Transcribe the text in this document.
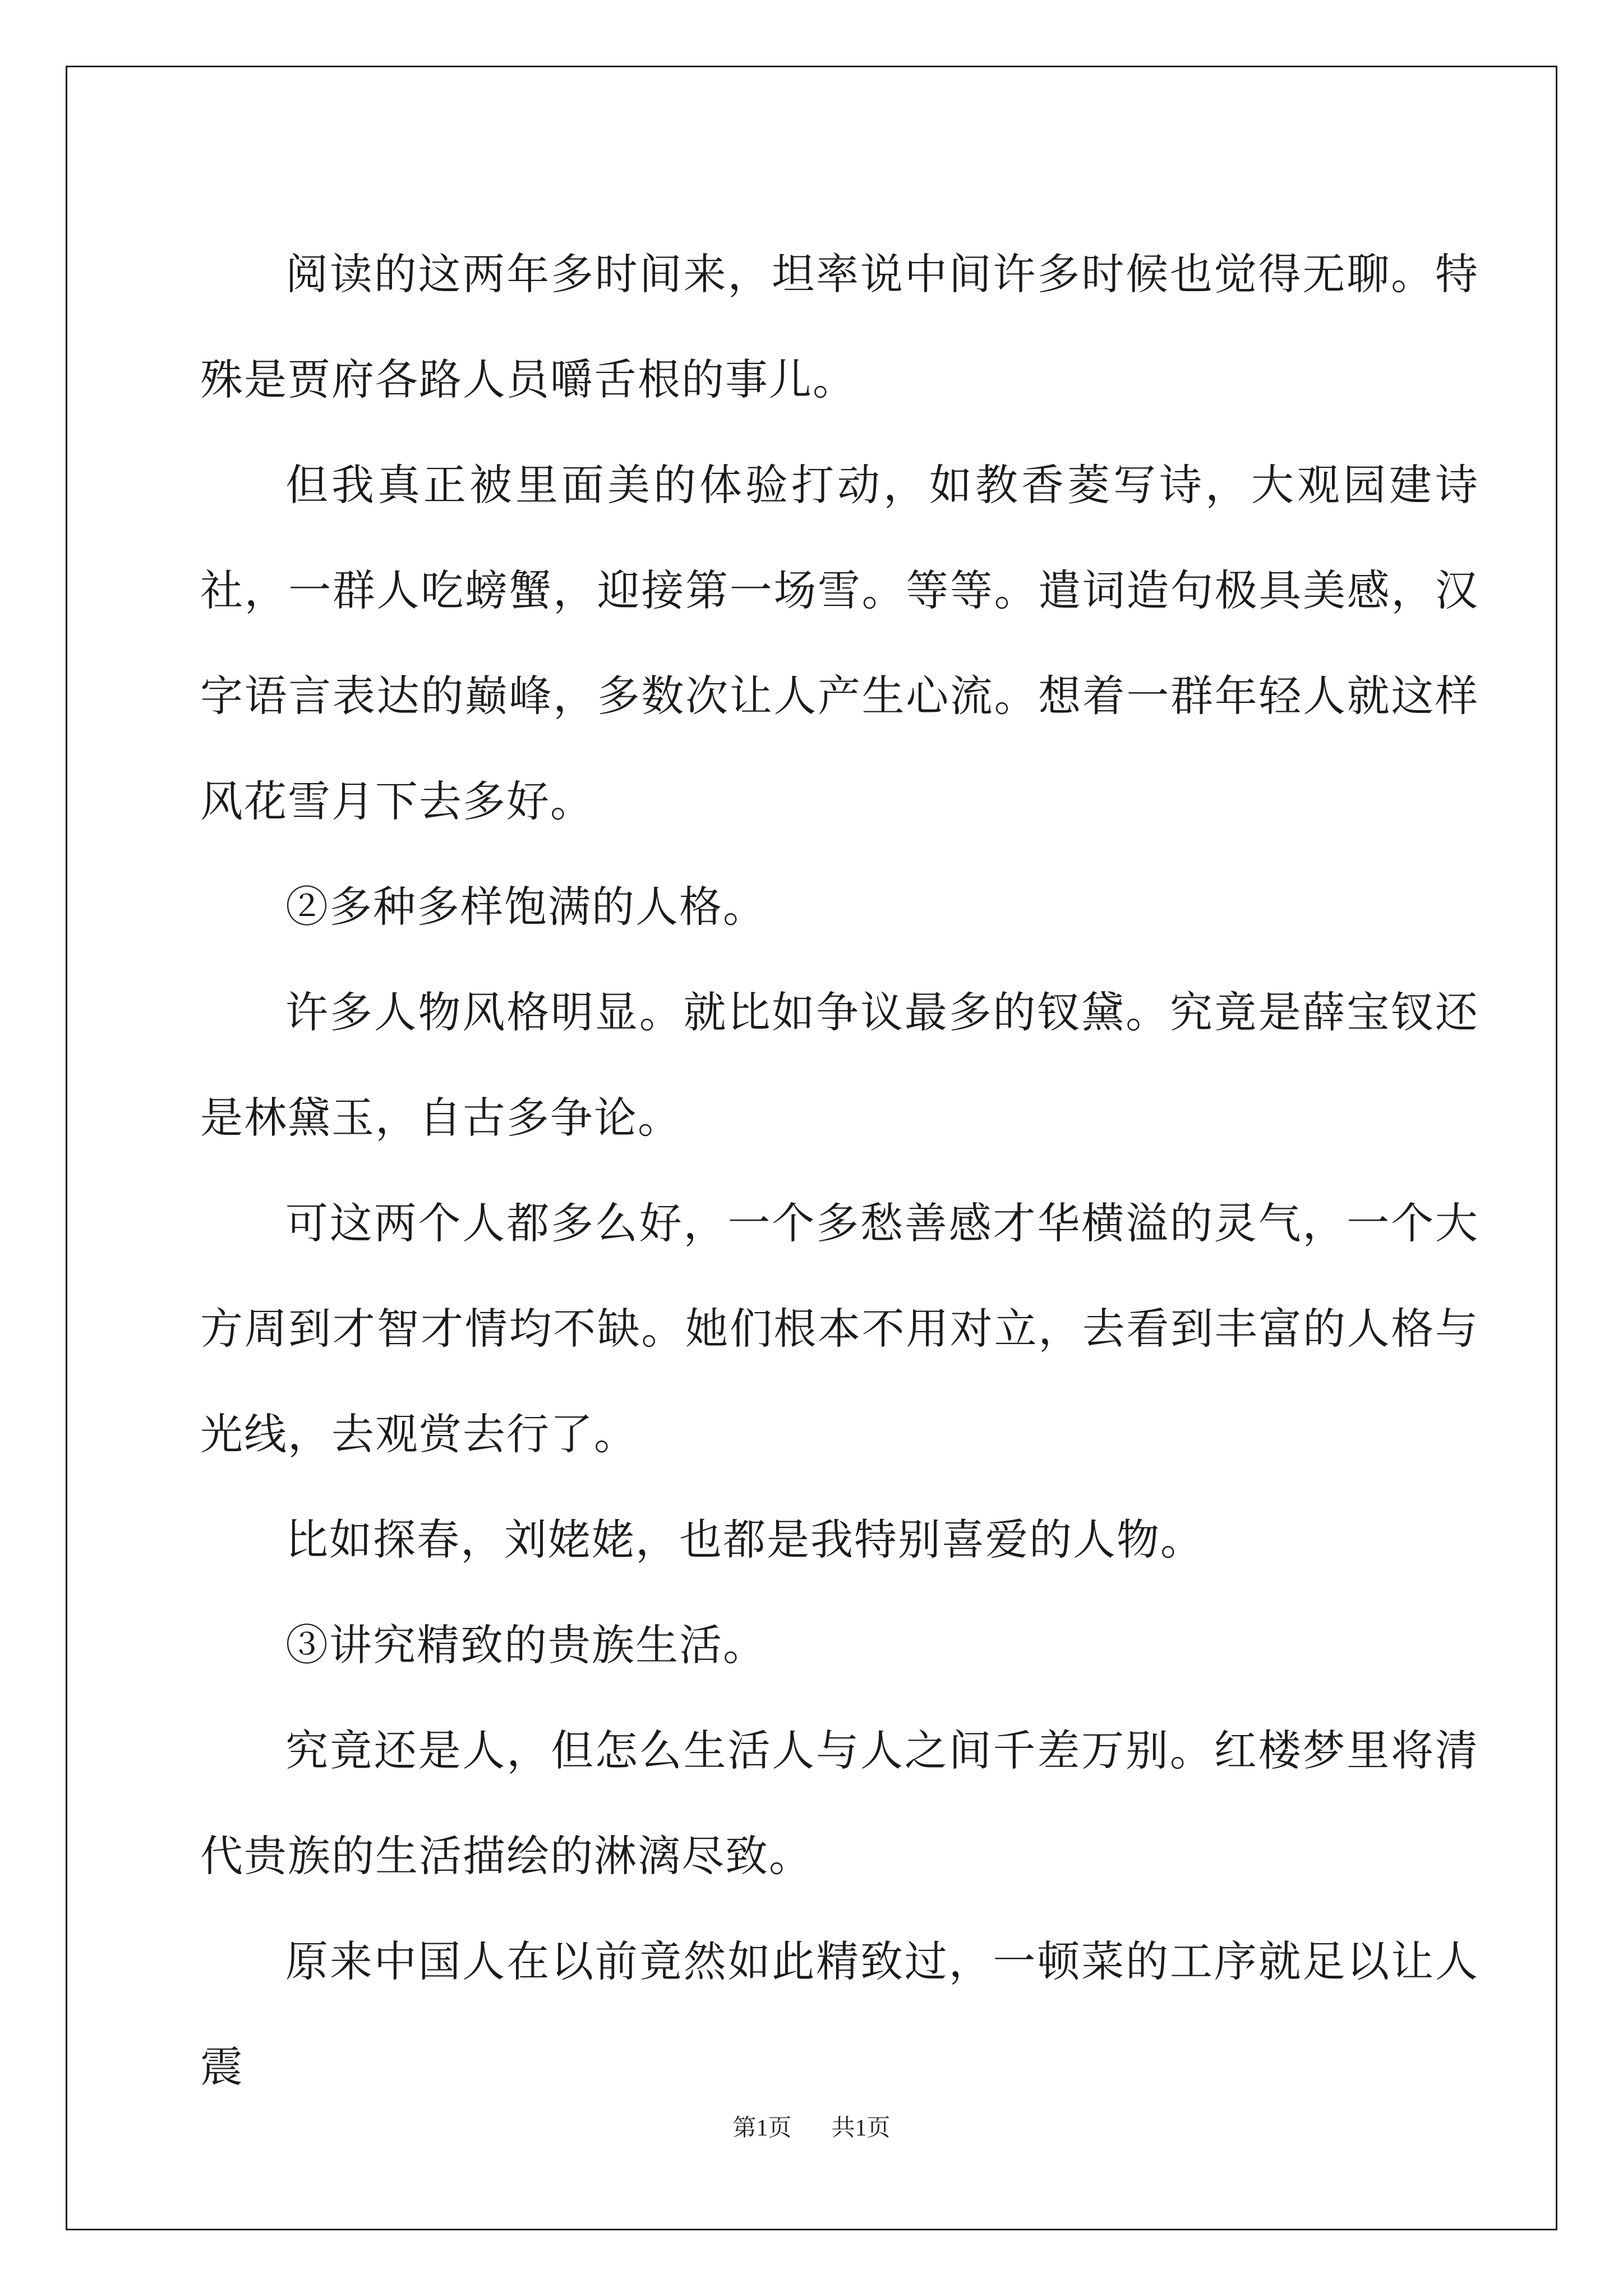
阅读的这两年多时间来，坦率说中间许多时候也觉得无聊。特殊是贾府各路人员嚼舌根的事儿。

但我真正被里面美的体验打动，如教香菱写诗，大观园建诗社，一群人吃螃蟹，迎接第一场雪。等等。遣词造句极具美感，汉字语言表达的巅峰，多数次让人产生心流。想着一群年轻人就这样风花雪月下去多好。

②多种多样饱满的人格。

许多人物风格明显。就比如争议最多的钗黛。究竟是薛宝钗还是林黛玉，自古多争论。

可这两个人都多么好，一个多愁善感才华横溢的灵气，一个大方周到才智才情均不缺。她们根本不用对立，去看到丰富的人格与光线，去观赏去行了。

比如探春，刘姥姥，也都是我特别喜爱的人物。

③讲究精致的贵族生活。

究竟还是人，但怎么生活人与人之间千差万别。红楼梦里将清代贵族的生活描绘的淋漓尽致。

原来中国人在以前竟然如此精致过，一顿菜的工序就足以让人震

第1页 共1页
